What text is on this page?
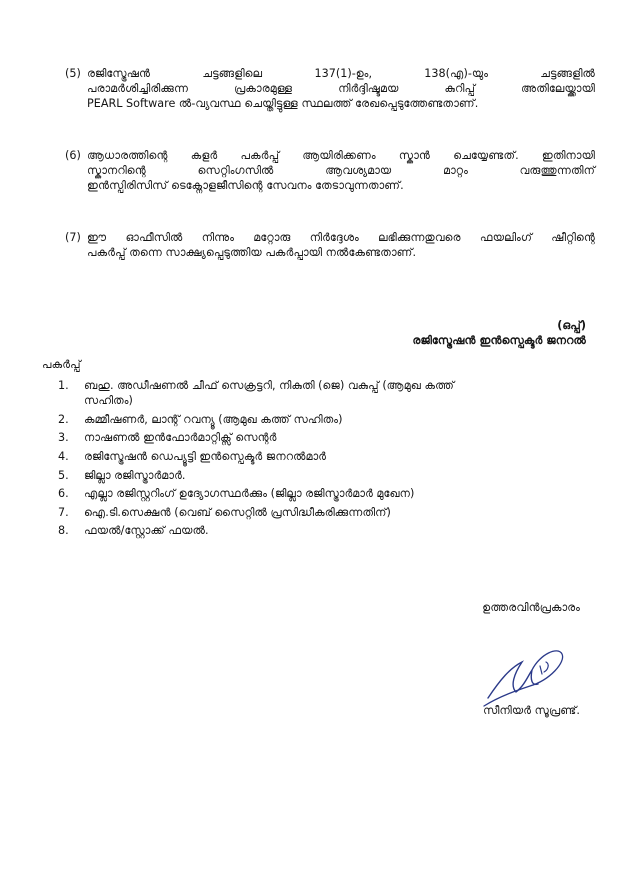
(5) രജിസ്ട്രേഷൻ ചട്ടങ്ങളിലെ 137(1)-ഉം, 138(എ)-യും ചട്ടങ്ങളിൽ
പരാമർശിച്ചിരിക്കുന്ന പ്രകാരമുള്ള നിർദ്ദിഷ്ടമയ കുറിപ്പ് അതിലേയ്ക്കായി
PEARL Software ൽ-വ്യവസ്ഥ ചെയ്തിട്ടുള്ള സ്ഥലത്ത് രേഖപ്പെടുത്തേണ്ടതാണ്.
(6) ആധാരത്തിന്റെ കളർ പകർപ്പ് ആയിരിക്കണം സ്കാൻ ചെയ്യേണ്ടത്. ഇതിനായി
സ്കാനറിന്റെ സെറ്റിംഗസിൽ ആവശ്യമായ മാറ്റം വരുത്തുന്നതിന്
ഇൻസ്പിരിസിസ് ടെക്നോളജീസിന്റെ സേവനം തേടാവുന്നതാണ്.
(7) ഈ ഓഫീസിൽ നിന്നും മറ്റോരു നിർദ്ദേശം ലഭിക്കുന്നതുവരെ ഫയലിംഗ് ഷീറ്റിന്റെ
പകർപ്പ് തന്നെ സാക്ഷ്യപ്പെടുത്തിയ പകർപ്പായി നൽകേണ്ടതാണ്.
(ഒപ്പ്)
രജിസ്ട്രേഷൻ ഇൻസ്പെക്ടർ ജനറൽ
പകർപ്പ്
1.	ബഹു. അഡീഷണൽ ചീഫ് സെക്രട്ടറി, നികുതി (ജെ) വകുപ്പ് (ആമുഖ കത്ത്
സഹിതം)
2.	കമ്മീഷണർ, ലാന്റ് റവന്യൂ (ആമുഖ കത്ത് സഹിതം)
3.	നാഷണൽ ഇൻഫോർമാറ്റിക്സ് സെന്റർ
4.	രജിസ്ട്രേഷൻ ഡെപ്യൂട്ടി ഇൻസ്പെക്ടർ ജനറൽമാർ
5.	ജില്ലാ രജിസ്ട്രാർമാർ.
6.	എല്ലാ രജിസ്റ്ററിംഗ് ഉദ്യോഗസ്ഥർക്കും (ജില്ലാ രജിസ്ട്രാർമാർ മുഖേന)
7.	ഐ.ടി.സെക്ഷൻ (വെബ് സൈറ്റിൽ പ്രസിദ്ധീകരിക്കുന്നതിന്)
8.	ഫയൽ/സ്റ്റോക്ക് ഫയൽ.
ഉത്തരവിൻപ്രകാരം
സീനിയർ സൂപ്രണ്ട്.
